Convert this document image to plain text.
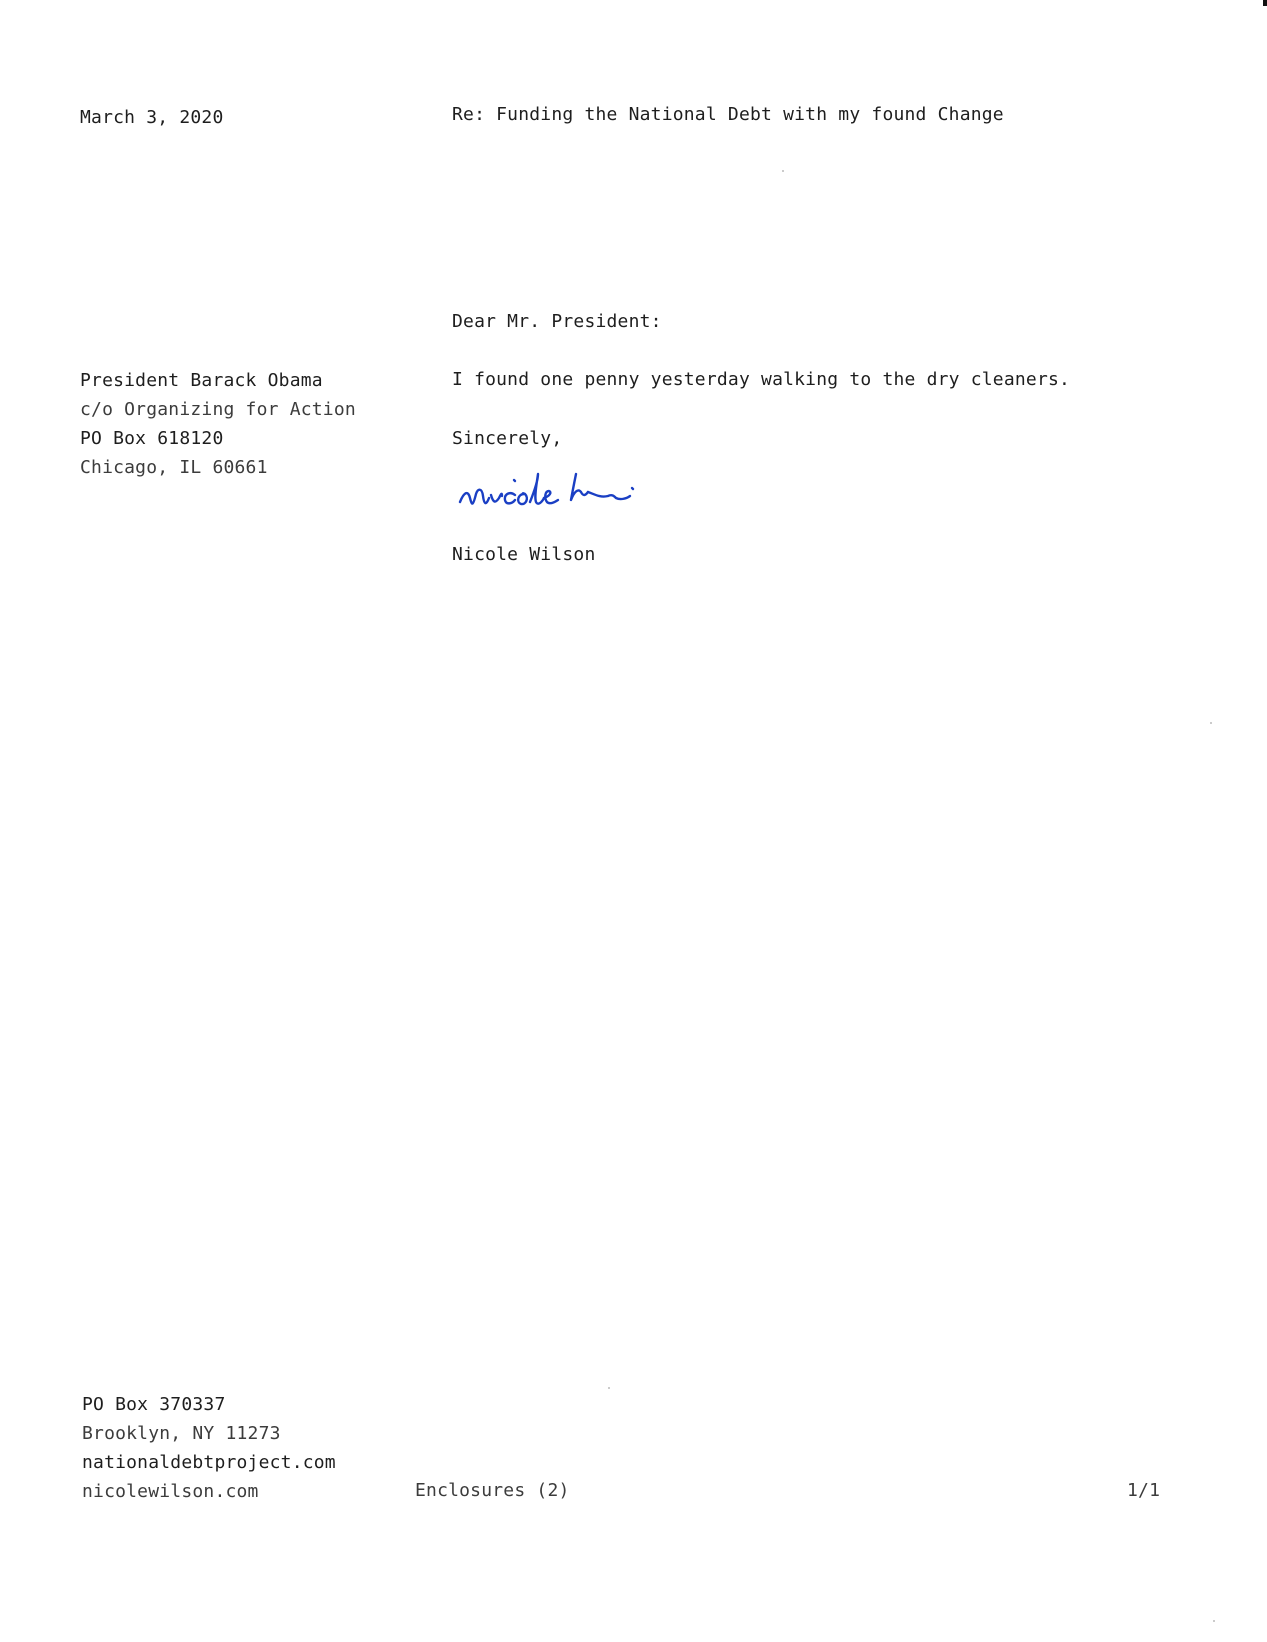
March 3, 2020	Re: Funding the National Debt with my found Change
Dear Mr. President:
President Barack Obama
c/o Organizing for Action
PO Box 618120
Chicago, IL 60661
I found one penny yesterday walking to the dry cleaners.
Sincerely,
Nicole Wilson
PO Box 370337
Brooklyn, NY 11273
nationaldebtproject.com
nicolewilson.com	Enclosures (2)	1/1
